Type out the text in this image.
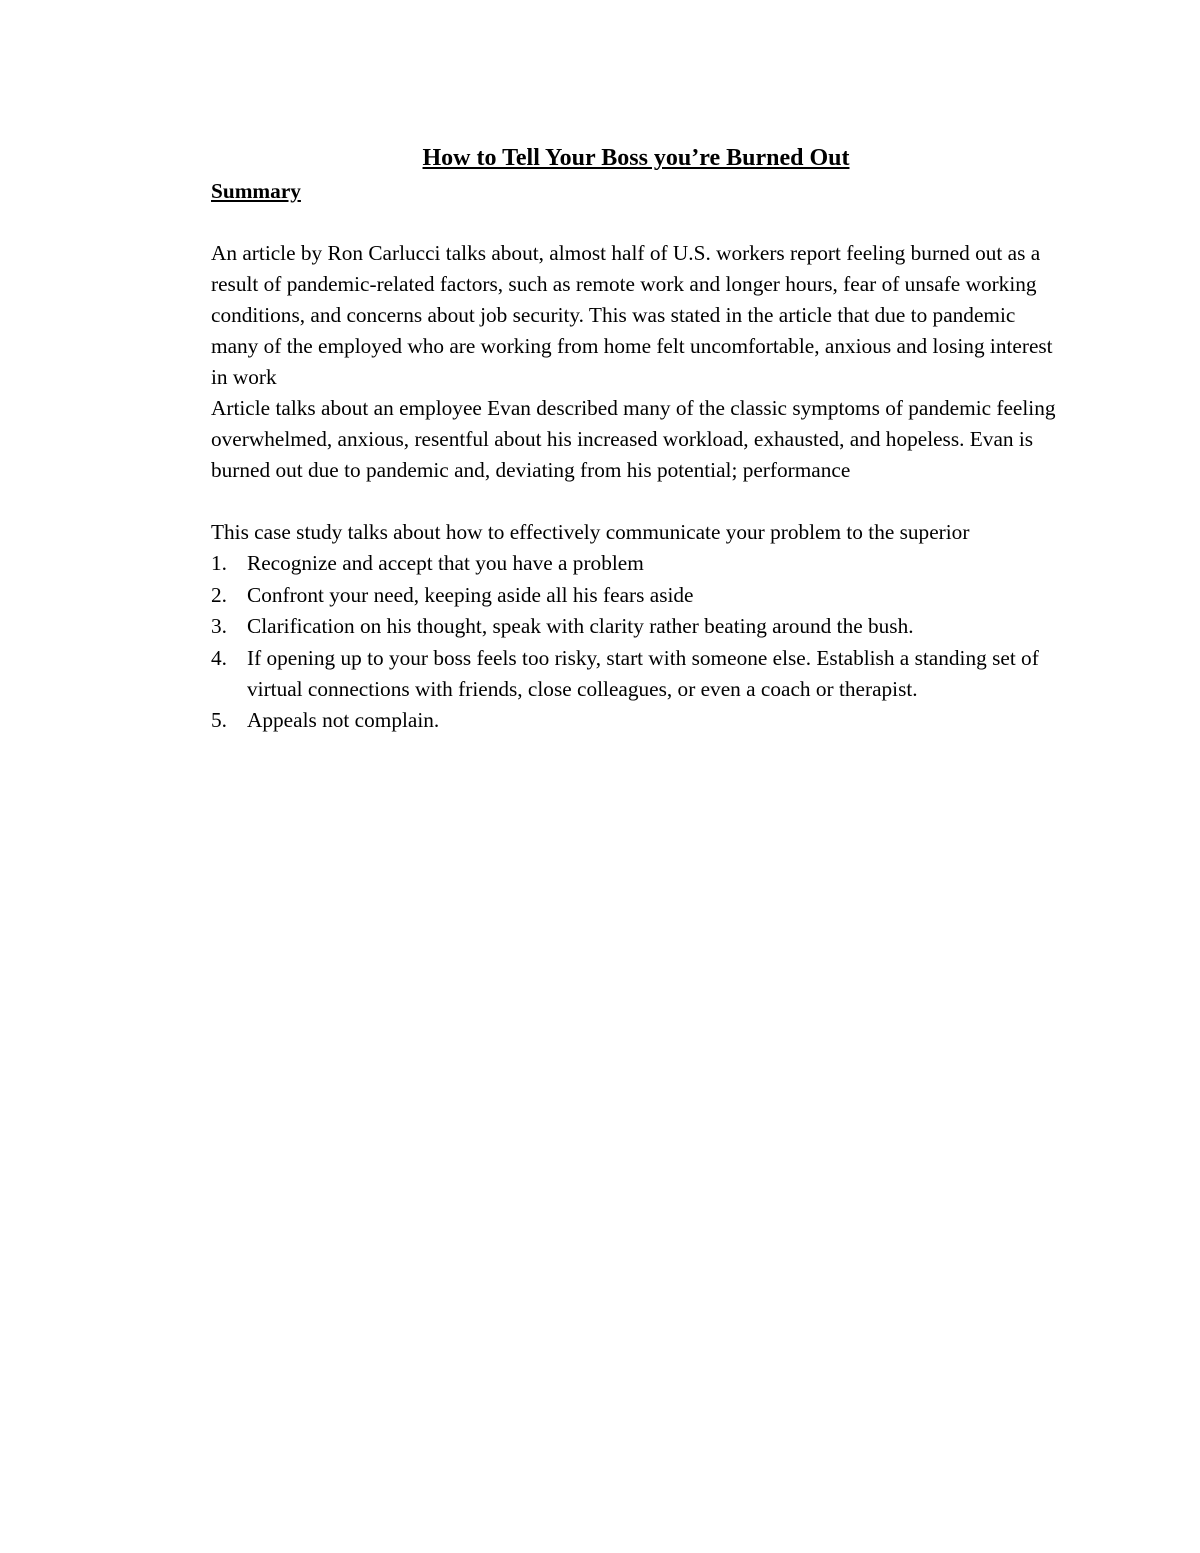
How to Tell Your Boss you’re Burned Out

Summary

An article by Ron Carlucci talks about, almost half of U.S. workers report feeling burned out as a result of pandemic-related factors, such as remote work and longer hours, fear of unsafe working conditions, and concerns about job security. This was stated in the article that due to pandemic many of the employed who are working from home felt uncomfortable, anxious and losing interest in work

Article talks about an employee Evan described many of the classic symptoms of pandemic feeling overwhelmed, anxious, resentful about his increased workload, exhausted, and hopeless. Evan is burned out due to pandemic and, deviating from his potential; performance

This case study talks about how to effectively communicate your problem to the superior

1. Recognize and accept that you have a problem
2. Confront your need, keeping aside all his fears aside
3. Clarification on his thought, speak with clarity rather beating around the bush.
4. If opening up to your boss feels too risky, start with someone else. Establish a standing set of virtual connections with friends, close colleagues, or even a coach or therapist.
5. Appeals not complain.
